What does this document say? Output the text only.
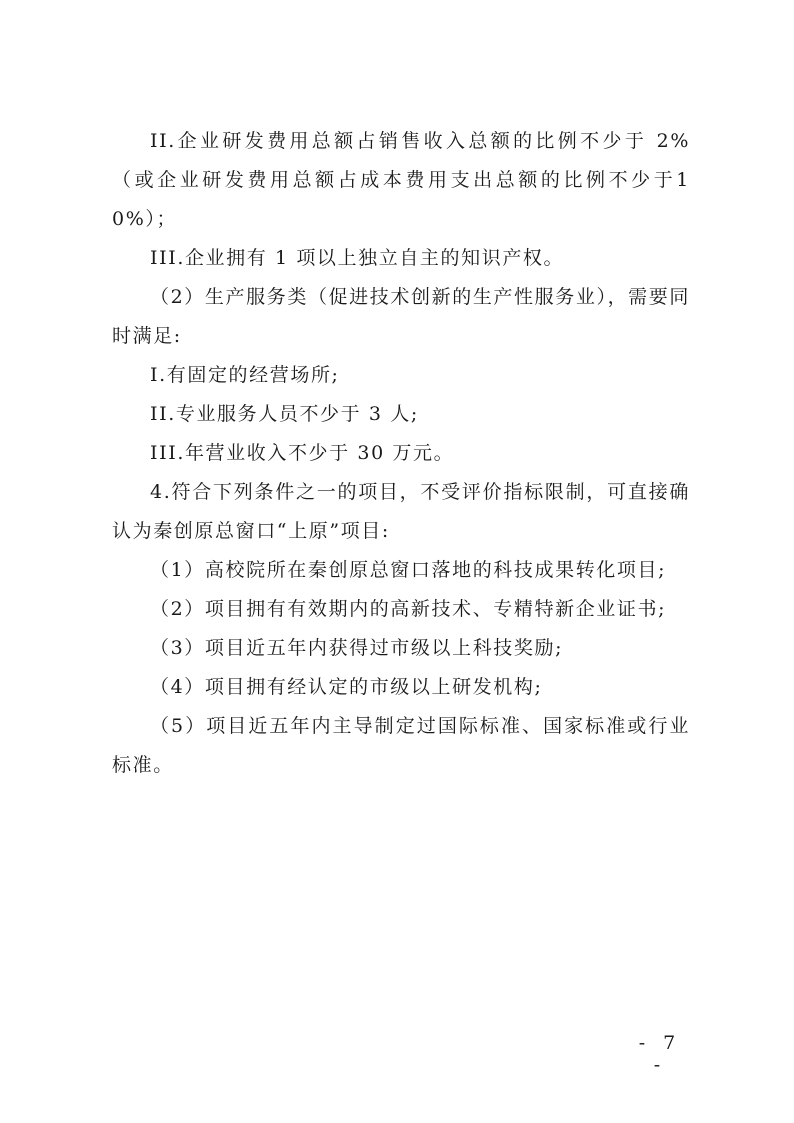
II.企业研发费用总额占销售收入总额的比例不少于 2%（或企业研发费用总额占成本费用支出总额的比例不少于10%）；

III.企业拥有 1 项以上独立自主的知识产权。

（2）生产服务类（促进技术创新的生产性服务业），需要同时满足:

I.有固定的经营场所;

II.专业服务人员不少于 3 人;

III.年营业收入不少于 30 万元。

4.符合下列条件之一的项目，不受评价指标限制，可直接确认为秦创原总窗口“上原”项目:

（1）高校院所在秦创原总窗口落地的科技成果转化项目;

（2）项目拥有有效期内的高新技术、专精特新企业证书;

（3）项目近五年内获得过市级以上科技奖励;

（4）项目拥有经认定的市级以上研发机构;

（5）项目近五年内主导制定过国际标准、国家标准或行业标准。

- 7 -
